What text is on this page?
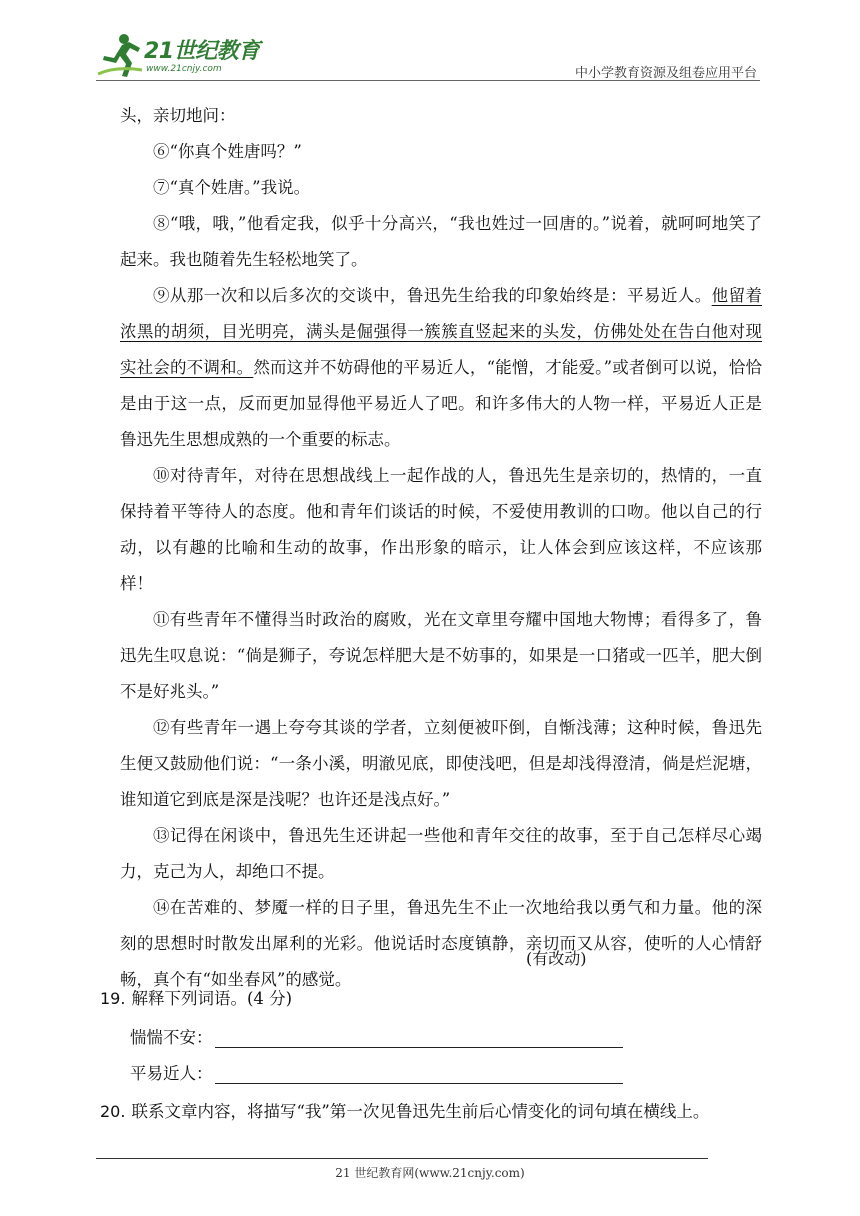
21世纪教育
www.21cnjy.com	中小学教育资源及组卷应用平台

头，亲切地问：

⑥“你真个姓唐吗？”

⑦“真个姓唐。”我说。

⑧“哦，哦，”他看定我，似乎十分高兴，“我也姓过一回唐的。”说着，就呵呵地笑了起来。我也随着先生轻松地笑了。

⑨从那一次和以后多次的交谈中，鲁迅先生给我的印象始终是：平易近人。他留着浓黑的胡须，目光明亮，满头是倔强得一簇簇直竖起来的头发，仿佛处处在告白他对现实社会的不调和。然而这并不妨碍他的平易近人，“能憎，才能爱。”或者倒可以说，恰恰是由于这一点，反而更加显得他平易近人了吧。和许多伟大的人物一样，平易近人正是鲁迅先生思想成熟的一个重要的标志。

⑩对待青年，对待在思想战线上一起作战的人，鲁迅先生是亲切的，热情的，一直保持着平等待人的态度。他和青年们谈话的时候，不爱使用教训的口吻。他以自己的行动，以有趣的比喻和生动的故事，作出形象的暗示，让人体会到应该这样，不应该那样！

⑪有些青年不懂得当时政治的腐败，光在文章里夸耀中国地大物博；看得多了，鲁迅先生叹息说：“倘是狮子，夸说怎样肥大是不妨事的，如果是一口猪或一匹羊，肥大倒不是好兆头。”

⑫有些青年一遇上夸夸其谈的学者，立刻便被吓倒，自惭浅薄；这种时候，鲁迅先生便又鼓励他们说：“一条小溪，明澈见底，即使浅吧，但是却浅得澄清，倘是烂泥塘，谁知道它到底是深是浅呢？也许还是浅点好。”

⑬记得在闲谈中，鲁迅先生还讲起一些他和青年交往的故事，至于自己怎样尽心竭力，克己为人，却绝口不提。

⑭在苦难的、梦魇一样的日子里，鲁迅先生不止一次地给我以勇气和力量。他的深刻的思想时时散发出犀利的光彩。他说话时态度镇静，亲切而又从容，使听的人心情舒畅，真个有“如坐春风”的感觉。

(有改动)
19. 解释下列词语。(4 分)
惴惴不安：
平易近人：
20. 联系文章内容，将描写“我”第一次见鲁迅先生前后心情变化的词句填在横线上。
21 世纪教育网(www.21cnjy.com)
